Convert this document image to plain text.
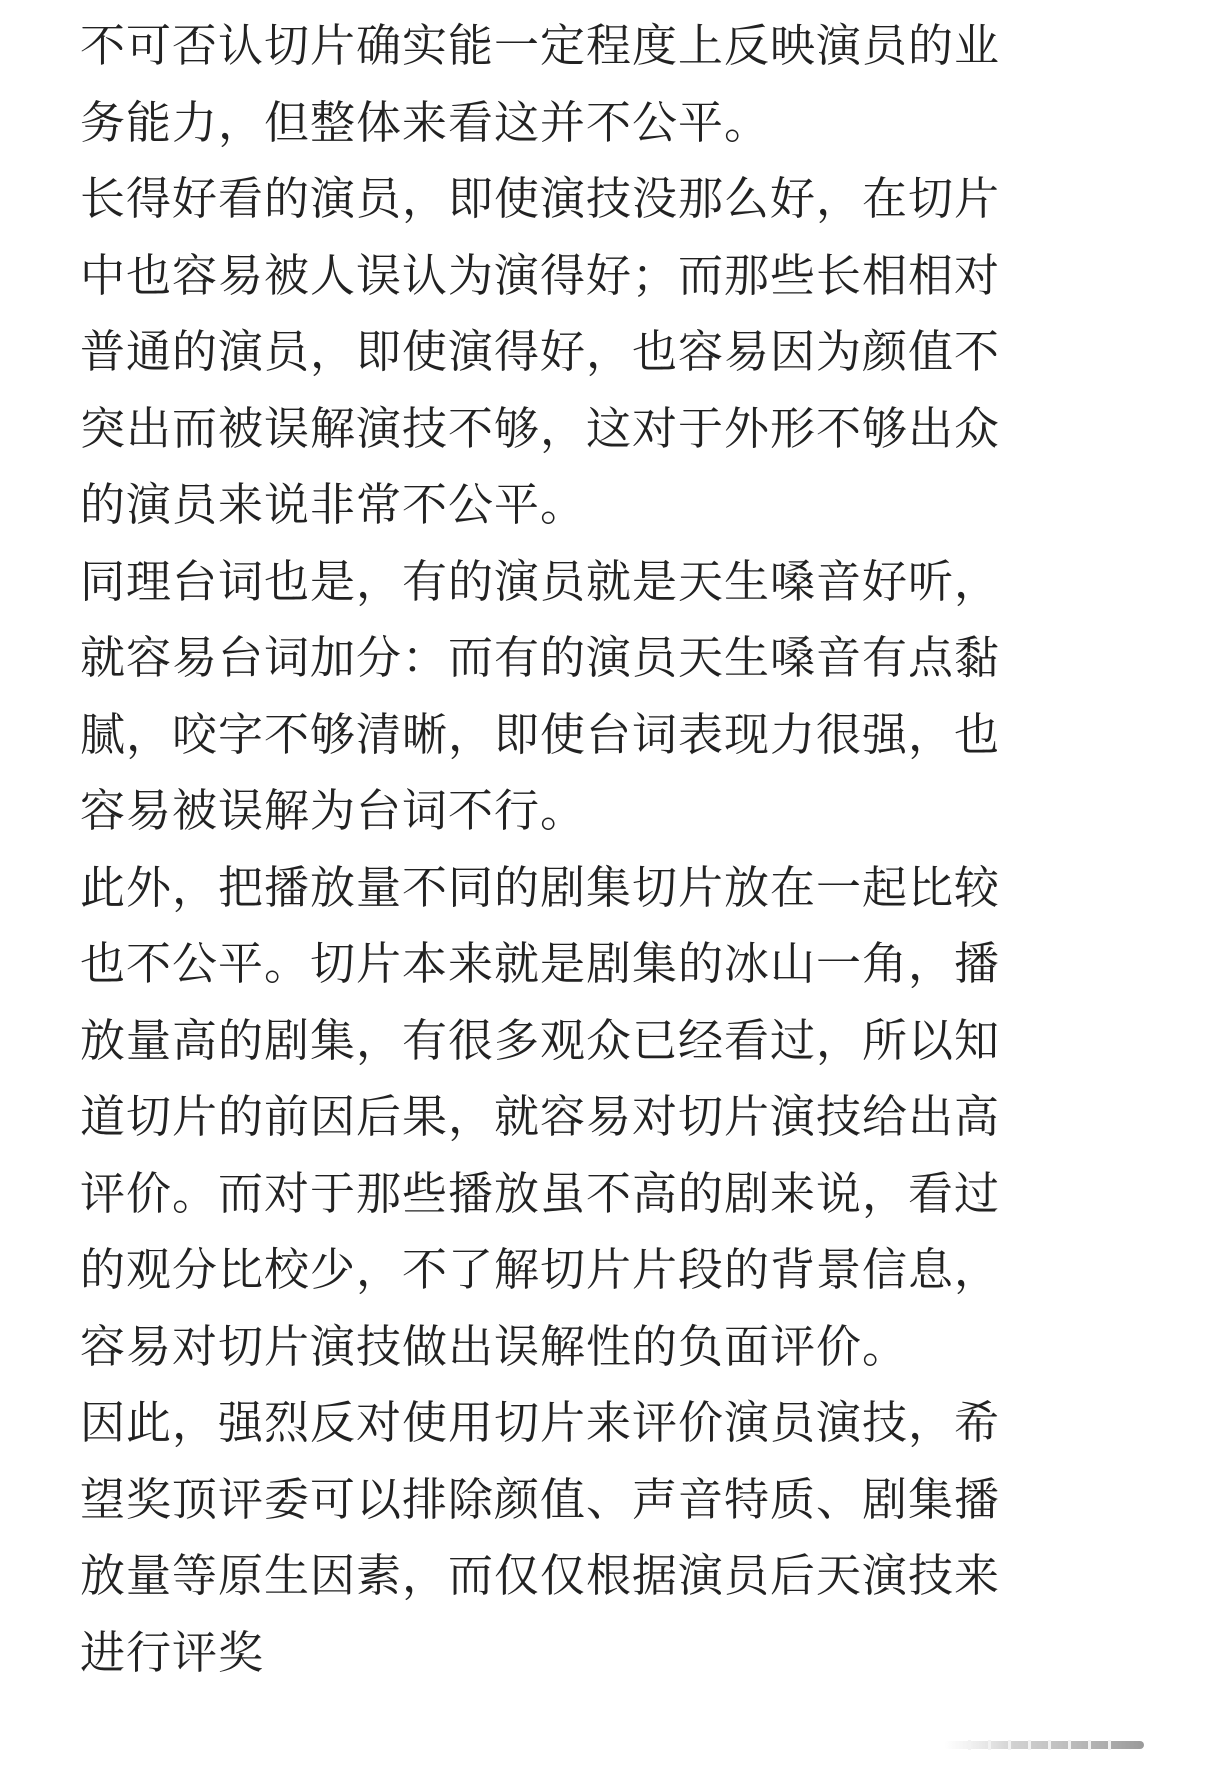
不可否认切片确实能一定程度上反映演员的业
务能力，但整体来看这并不公平。

长得好看的演员，即使演技没那么好，在切片
中也容易被人误认为演得好；而那些长相相对
普通的演员，即使演得好，也容易因为颜值不
突出而被误解演技不够，这对于外形不够出众
的演员来说非常不公平。

同理台词也是，有的演员就是天生嗓音好听，
就容易台词加分：而有的演员天生嗓音有点黏
腻，咬字不够清晰，即使台词表现力很强，也
容易被误解为台词不行。

此外，把播放量不同的剧集切片放在一起比较
也不公平。切片本来就是剧集的冰山一角，播
放量高的剧集，有很多观众已经看过，所以知
道切片的前因后果，就容易对切片演技给出高
评价。而对于那些播放虽不高的剧来说，看过
的观分比校少，不了解切片片段的背景信息，
容易对切片演技做出误解性的负面评价。

因此，强烈反对使用切片来评价演员演技，希
望奖顶评委可以排除颜值、声音特质、剧集播
放量等原生因素，而仅仅根据演员后天演技来
进行评奖
